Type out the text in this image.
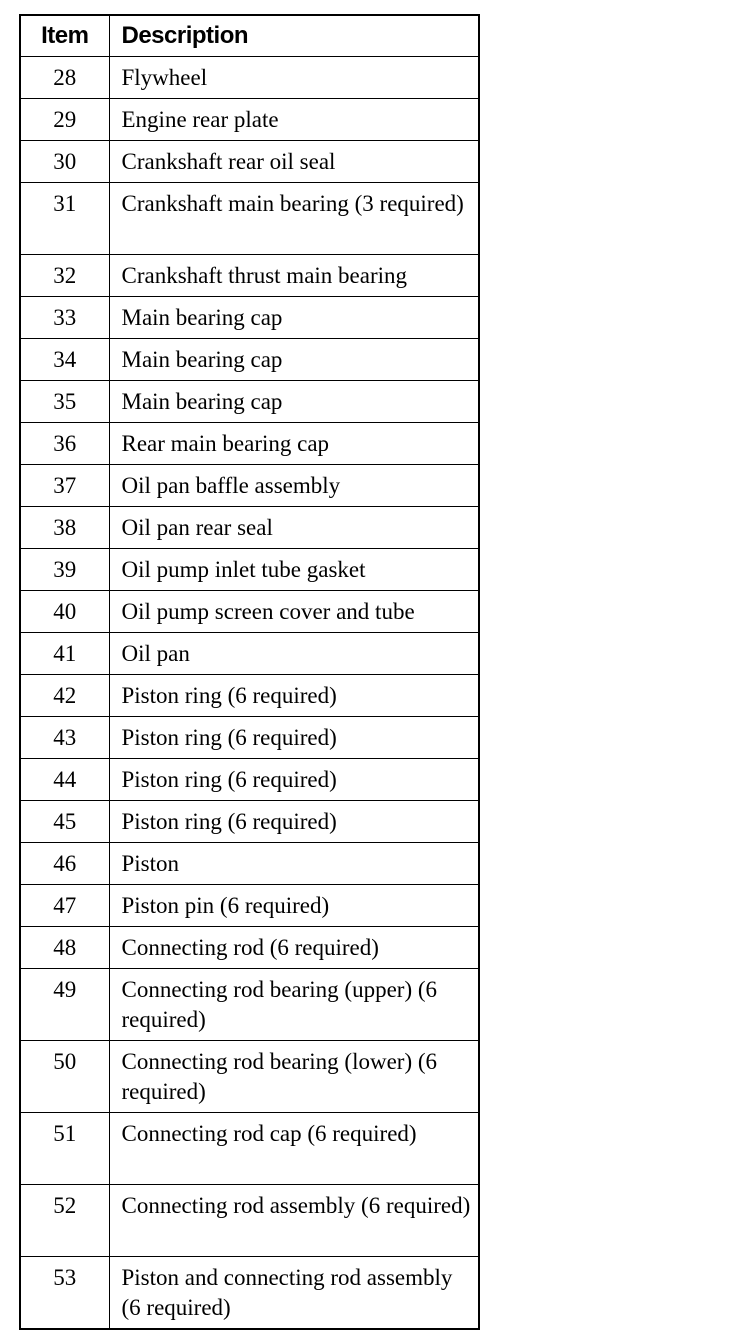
Item	Description
28	Flywheel
29	Engine rear plate
30	Crankshaft rear oil seal
31	Crankshaft main bearing (3 required)
32	Crankshaft thrust main bearing
33	Main bearing cap
34	Main bearing cap
35	Main bearing cap
36	Rear main bearing cap
37	Oil pan baffle assembly
38	Oil pan rear seal
39	Oil pump inlet tube gasket
40	Oil pump screen cover and tube
41	Oil pan
42	Piston ring (6 required)
43	Piston ring (6 required)
44	Piston ring (6 required)
45	Piston ring (6 required)
46	Piston
47	Piston pin (6 required)
48	Connecting rod (6 required)
49	Connecting rod bearing (upper) (6 required)
50	Connecting rod bearing (lower) (6 required)
51	Connecting rod cap (6 required)
52	Connecting rod assembly (6 required)
53	Piston and connecting rod assembly (6 required)
